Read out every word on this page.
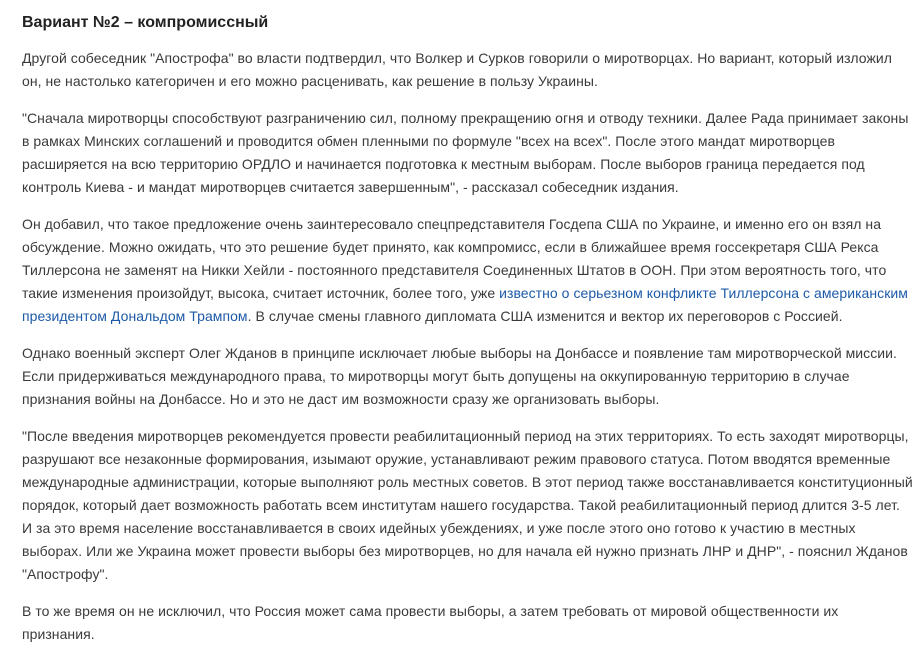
Вариант №2 – компромиссный

Другой собеседник "Апострофа" во власти подтвердил, что Волкер и Сурков говорили о миротворцах. Но вариант, который изложил он, не настолько категоричен и его можно расценивать, как решение в пользу Украины.

"Сначала миротворцы способствуют разграничению сил, полному прекращению огня и отводу техники. Далее Рада принимает законы в рамках Минских соглашений и проводится обмен пленными по формуле "всех на всех". После этого мандат миротворцев расширяется на всю территорию ОРДЛО и начинается подготовка к местным выборам. После выборов граница передается под контроль Киева - и мандат миротворцев считается завершенным", - рассказал собеседник издания.

Он добавил, что такое предложение очень заинтересовало спецпредставителя Госдепа США по Украине, и именно его он взял на обсуждение. Можно ожидать, что это решение будет принято, как компромисс, если в ближайшее время госсекретаря США Рекса Тиллерсона не заменят на Никки Хейли - постоянного представителя Соединенных Штатов в ООН. При этом вероятность того, что такие изменения произойдут, высока, считает источник, более того, уже известно о серьезном конфликте Тиллерсона с американским президентом Дональдом Трампом. В случае смены главного дипломата США изменится и вектор их переговоров с Россией.

Однако военный эксперт Олег Жданов в принципе исключает любые выборы на Донбассе и появление там миротворческой миссии. Если придерживаться международного права, то миротворцы могут быть допущены на оккупированную территорию в случае признания войны на Донбассе. Но и это не даст им возможности сразу же организовать выборы.

"После введения миротворцев рекомендуется провести реабилитационный период на этих территориях. То есть заходят миротворцы, разрушают все незаконные формирования, изымают оружие, устанавливают режим правового статуса. Потом вводятся временные международные администрации, которые выполняют роль местных советов. В этот период также восстанавливается конституционный порядок, который дает возможность работать всем институтам нашего государства. Такой реабилитационный период длится 3-5 лет. И за это время население восстанавливается в своих идейных убеждениях, и уже после этого оно готово к участию в местных выборах. Или же Украина может провести выборы без миротворцев, но для начала ей нужно признать ЛНР и ДНР", - пояснил Жданов "Апострофу".

В то же время он не исключил, что Россия может сама провести выборы, а затем требовать от мировой общественности их признания.
